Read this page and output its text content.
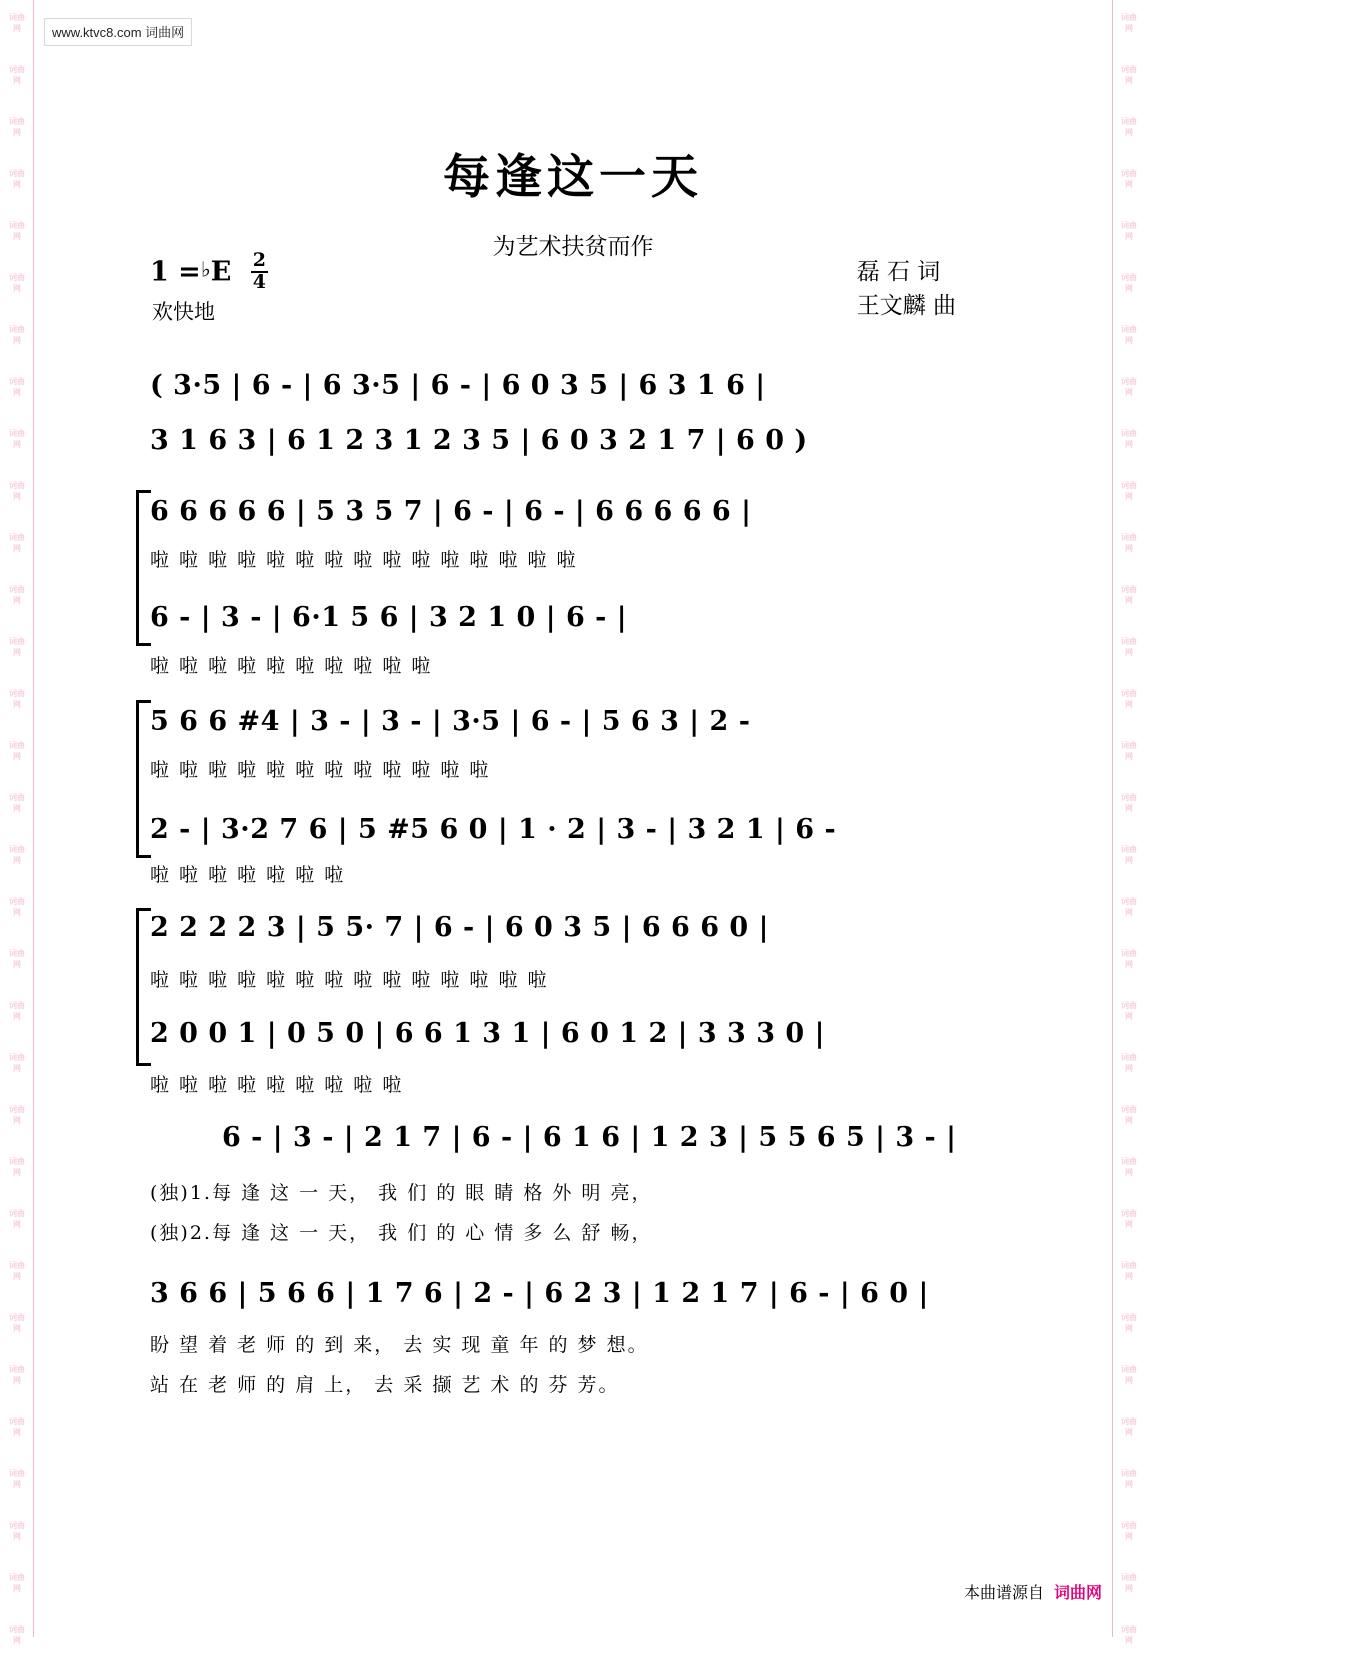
词曲
网
词曲
网
词曲
网
词曲
网
词曲
网
词曲
网
词曲
网
词曲
网
词曲
网
词曲
网
词曲
网
词曲
网
词曲
网
词曲
网
词曲
网
词曲
网
词曲
网
词曲
网
词曲
网
词曲
网
词曲
网
词曲
网
词曲
网
词曲
网
词曲
网
词曲
网
词曲
网
词曲
网
词曲
网
词曲
网
词曲
网
词曲
网
词曲
网
词曲
网
词曲
网
词曲
网
词曲
网
词曲
网
词曲
网
词曲
网
词曲
网
词曲
网
词曲
网
词曲
网
词曲
网
词曲
网
词曲
网
词曲
网
词曲
网
词曲
网
词曲
网
词曲
网
词曲
网
词曲
网
词曲
网
词曲
网
词曲
网
词曲
网
词曲
网
词曲
网
词曲
网
词曲
网
词曲
网
词曲
网
www.ktvc8.com 词曲网
每逢这一天
为艺术扶贫而作
1 =♭E $\frac{2}{4}$
欢快地
磊 石 词
王文麟 曲
( 3·5 | 6 - | 6 3·5 | 6 - | 6 0 3 5 | 6 3 1 6 |
3 1 6 3 | 6 1 2 3 1 2 3 5 | 6 0 3 2 1 7 | 6 0 )
6 6 6 6 6 | 5 3 5 7 | 6 - | 6 - | 6 6 6 6 6 |
啦 啦 啦 啦 啦 啦 啦 啦 啦 啦 啦 啦 啦 啦 啦
6 - | 3 - | 6·1 5 6 | 3 2 1 0 | 6 - |
啦 啦 啦 啦 啦 啦 啦 啦 啦 啦
5 6 6 #4 | 3 - | 3 - | 3·5 | 6 - | 5 6 3 | 2 -
啦 啦 啦 啦 啦 啦 啦 啦 啦 啦 啦 啦
2 - | 3·2 7 6 | 5 #5 6 0 | 1 · 2 | 3 - | 3 2 1 | 6 -
啦 啦 啦 啦 啦 啦 啦
2 2 2 2 3 | 5 5· 7 | 6 - | 6 0 3 5 | 6 6 6 0 |
啦 啦 啦 啦 啦 啦 啦 啦 啦 啦 啦 啦 啦 啦
2 0 0 1 | 0 5 0 | 6 6 1 3 1 | 6 0 1 2 | 3 3 3 0 |
啦 啦 啦 啦 啦 啦 啦 啦 啦
6 - | 3 - | 2 1 7 | 6 - | 6 1 6 | 1 2 3 | 5 5 6 5 | 3 - |
(独)1.每 逢 这 一 天， 我 们 的 眼 睛 格 外 明 亮，
(独)2.每 逢 这 一 天， 我 们 的 心 情 多 么 舒 畅，
3 6 6 | 5 6 6 | 1 7 6 | 2 - | 6 2 3 | 1 2 1 7 | 6 - | 6 0 |
盼 望 着 老 师 的 到 来， 去 实 现 童 年 的 梦 想。
站 在 老 师 的 肩 上， 去 采 撷 艺 术 的 芬 芳。
本曲谱源自 词曲网
